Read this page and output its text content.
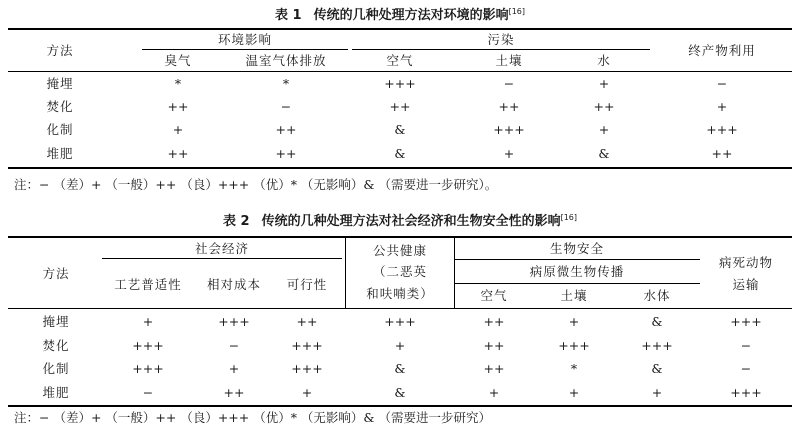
表 1 传统的几种处理方法对环境的影响[16]
方法
环境影响	污染
终产物利用
臭气	温室气体排放	空气	土壤	水
掩埋	*	*	+++	−	+	−
焚化	++	−	++	++	++	+
化制	+	++	&	+++	+	+++
堆肥	++	++	&	+	&	++
注：− （差）+ （一般）++ （良）+++ （优）* （无影响）& （需要进一步研究）。
表 2 传统的几种处理方法对社会经济和生物安全性的影响[16]
方法
社会经济	公共健康
（二恶英
和呋喃类）
生物安全
病原微生物传播
病死动物
运输
工艺普适性	相对成本	可行性
空气	土壤	水体
掩埋	+	+++	++	+++	++	+	&	+++
焚化	+++	−	+++	+	++	+++	+++	−
化制	+++	+	+++	&	++	*	&	−
堆肥	−	++	+	&	+	+	+	+++
注：− （差）+ （一般）++ （良）+++ （优）* （无影响）& （需要进一步研究）
